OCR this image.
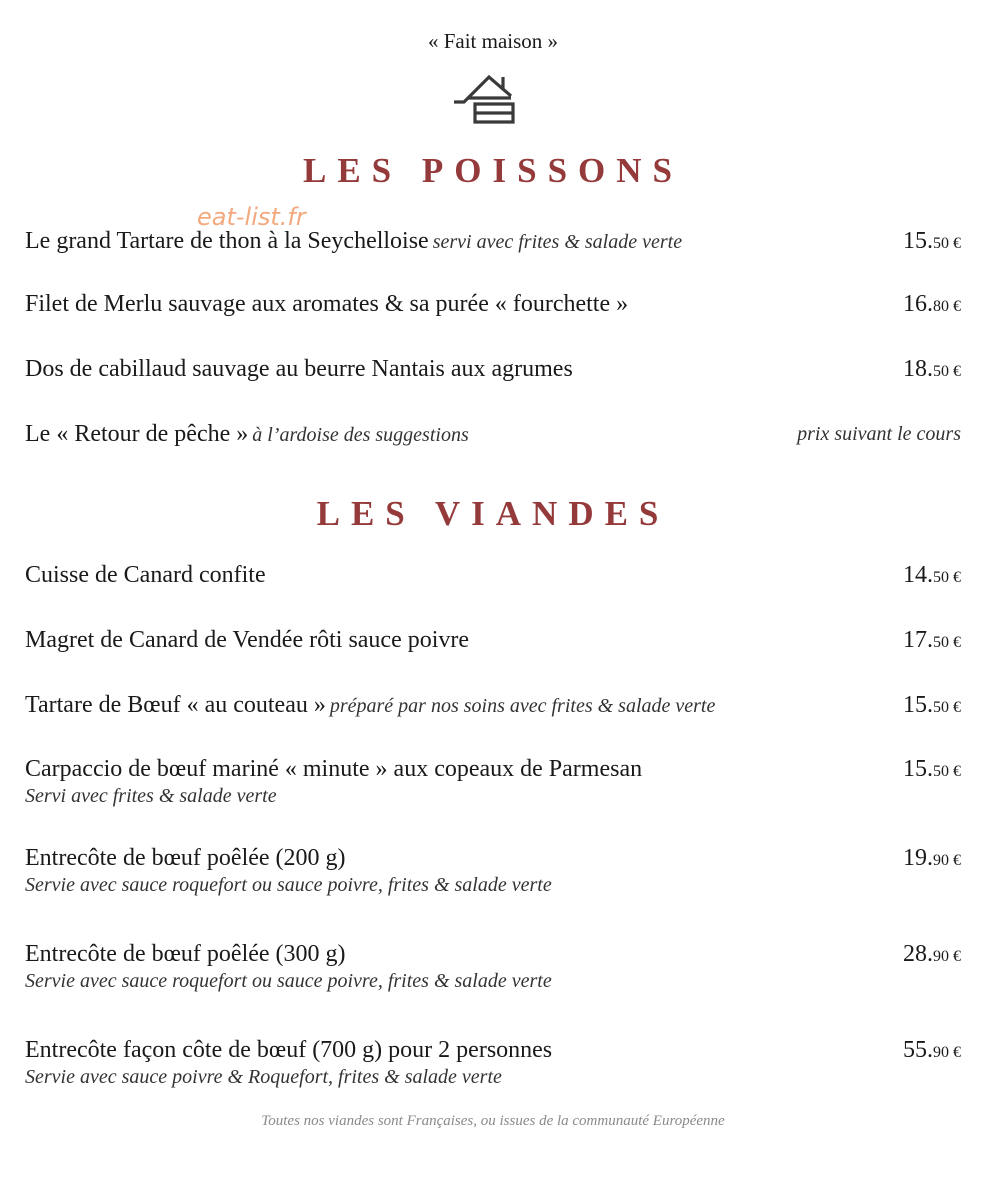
« Fait maison »
LES POISSONS
eat-list.fr
Le grand Tartare de thon à la Seychelloise servi avec frites & salade verte	15.50 €
Filet de Merlu sauvage aux aromates & sa purée « fourchette »	16.80 €
Dos de cabillaud sauvage au beurre Nantais aux agrumes	18.50 €
Le « Retour de pêche » à l’ardoise des suggestions	prix suivant le cours
LES VIANDES
Cuisse de Canard confite	14.50 €
Magret de Canard de Vendée rôti sauce poivre	17.50 €
Tartare de Bœuf « au couteau » préparé par nos soins avec frites & salade verte	15.50 €
Carpaccio de bœuf mariné « minute » aux copeaux de Parmesan	15.50 €
Servi avec frites & salade verte
Entrecôte de bœuf poêlée (200 g)	19.90 €
Servie avec sauce roquefort ou sauce poivre, frites & salade verte
Entrecôte de bœuf poêlée (300 g)	28.90 €
Servie avec sauce roquefort ou sauce poivre, frites & salade verte
Entrecôte façon côte de bœuf (700 g) pour 2 personnes	55.90 €
Servie avec sauce poivre & Roquefort, frites & salade verte
Toutes nos viandes sont Françaises, ou issues de la communauté Européenne
